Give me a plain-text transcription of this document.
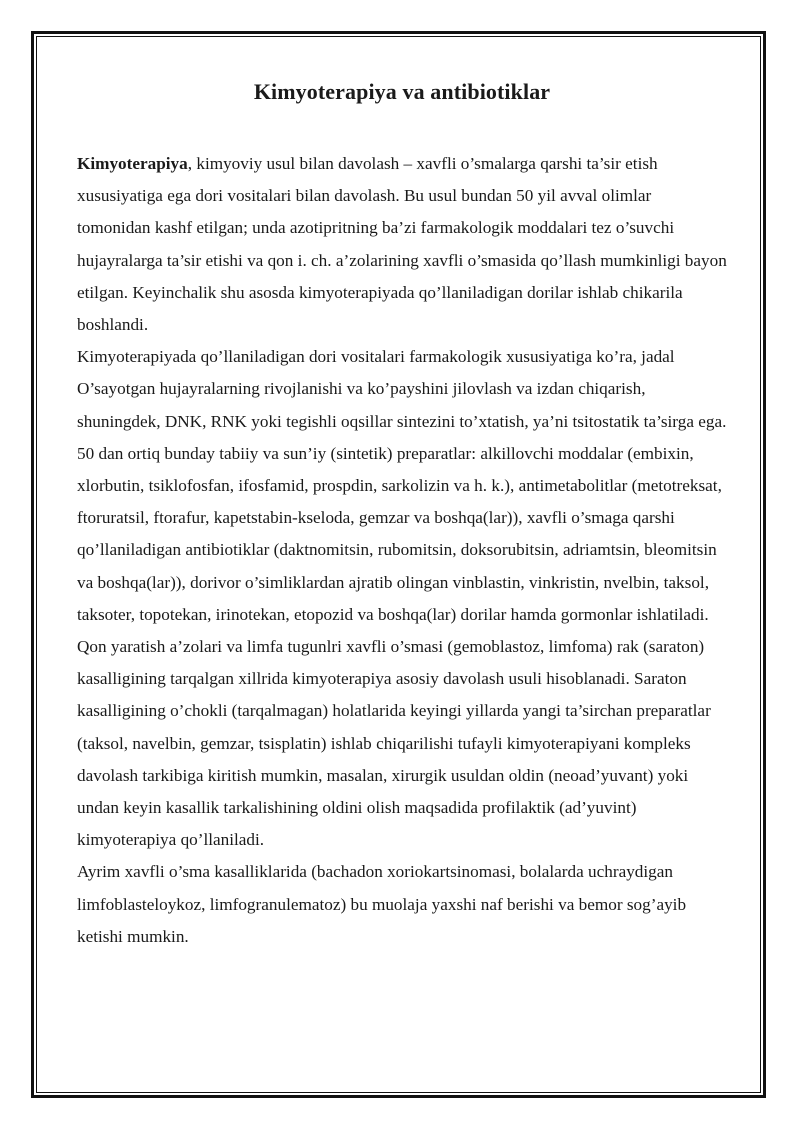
Kimyoterapiya va antibiotiklar

Kimyoterapiya, kimyoviy usul bilan davolash – xavfli o’smalarga qarshi ta’sir etish xususiyatiga ega dori vositalari bilan davolash. Bu usul bundan 50 yil avval olimlar tomonidan kashf etilgan; unda azotipritning ba’zi farmakologik moddalari tez o’suvchi hujayralarga ta’sir etishi va qon i. ch. a’zolarining xavfli o’smasida qo’llash mumkinligi bayon etilgan. Keyinchalik shu asosda kimyoterapiyada qo’llaniladigan dorilar ishlab chikarila boshlandi.

Kimyoterapiyada qo’llaniladigan dori vositalari farmakologik xususiyatiga ko’ra, jadal O’sayotgan hujayralarning rivojlanishi va ko’payshini jilovlash va izdan chiqarish, shuningdek, DNK, RNK yoki tegishli oqsillar sintezini to’xtatish, ya’ni tsitostatik ta’sirga ega. 50 dan ortiq bunday tabiiy va sun’iy (sintetik) preparatlar: alkillovchi moddalar (embixin, xlorbutin, tsiklofosfan, ifosfamid, prospdin, sarkolizin va h. k.), antimetabolitlar (metotreksat, ftoruratsil, ftorafur, kapetstabin-kseloda, gemzar va boshqa(lar)), xavfli o’smaga qarshi qo’llaniladigan antibiotiklar (daktnomitsin, rubomitsin, doksorubitsin, adriamtsin, bleomitsin va boshqa(lar)), dorivor o’simliklardan ajratib olingan vinblastin, vinkristin, nvelbin, taksol, taksoter, topotekan, irinotekan, etopozid va boshqa(lar) dorilar hamda gormonlar ishlatiladi.

Qon yaratish a’zolari va limfa tugunlri xavfli o’smasi (gemoblastoz, limfoma) rak (saraton) kasalligining tarqalgan xillrida kimyoterapiya asosiy davolash usuli hisoblanadi. Saraton kasalligining o’chokli (tarqalmagan) holatlarida keyingi yillarda yangi ta’sirchan preparatlar (taksol, navelbin, gemzar, tsisplatin) ishlab chiqarilishi tufayli kimyoterapiyani kompleks davolash tarkibiga kiritish mumkin, masalan, xirurgik usuldan oldin (neoad’yuvant) yoki undan keyin kasallik tarkalishining oldini olish maqsadida profilaktik (ad’yuvint) kimyoterapiya qo’llaniladi.

Ayrim xavfli o’sma kasalliklarida (bachadon xoriokartsinomasi, bolalarda uchraydigan limfoblasteloykoz, limfogranulematoz) bu muolaja yaxshi naf berishi va bemor sog’ayib ketishi mumkin.
